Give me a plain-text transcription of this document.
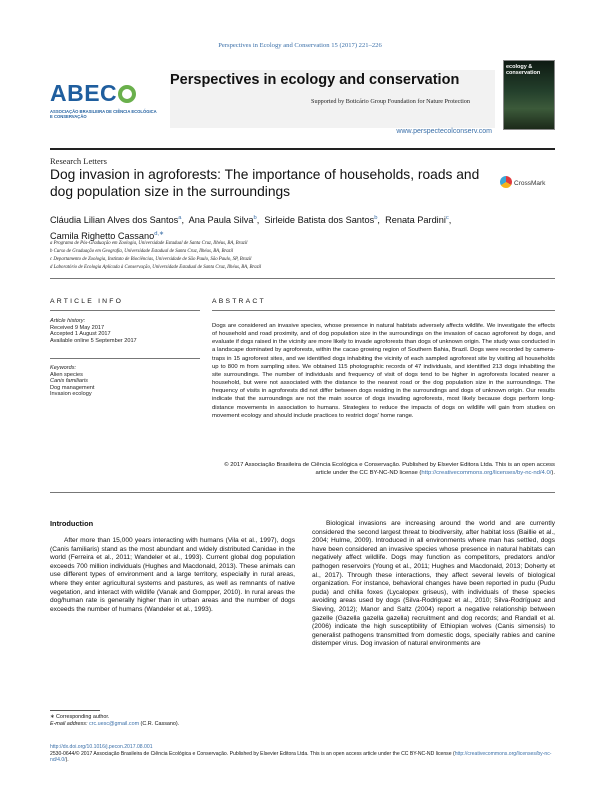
Perspectives in Ecology and Conservation 15 (2017) 221–226
ABEC
ASSOCIAÇÃO BRASILEIRA DE CIÊNCIA ECOLÓGICA E CONSERVAÇÃO
Perspectives in ecology and conservation
Supported by Boticário Group Foundation for Nature Protection
www.perspectecolconserv.com
ecology & conservation
Research Letters
Dog invasion in agroforests: The importance of households, roads and dog population size in the surroundings
CrossMark
Cláudia Lilian Alves dos Santos$^a$,  Ana Paula Silva$^b$,  Sirleide Batista dos Santos$^b$,  Renata Pardini$^c$,
Camila Righetto Cassano$^{d,∗}$
a Programa de Pós-Graduação em Zoologia, Universidade Estadual de Santa Cruz, Ilhéus, BA, Brazil
b Curso de Graduação em Geografia, Universidade Estadual de Santa Cruz, Ilhéus, BA, Brazil
c Departamento de Zoologia, Instituto de Biociências, Universidade de São Paulo, São Paulo, SP, Brazil
d Laboratório de Ecologia Aplicada à Conservação, Universidade Estadual de Santa Cruz, Ilhéus, BA, Brazil
ARTICLE INFO	ABSTRACT
Article history:
Received 9 May 2017
Accepted 1 August 2017
Available online 5 September 2017
Keywords:
Alien species
Canis familiaris
Dog management
Invasion ecology
Dogs are considered an invasive species, whose presence in natural habitats adversely affects wildlife. We investigate the effects of household and road proximity, and of dog population size in the surroundings on the invasion of cacao agroforest by dogs, and evaluate if dogs raised in the vicinity are more likely to invade agroforests than dogs of unknown origin. The study was conducted in a landscape dominated by agroforests, within the cacao growing region of Southern Bahia, Brazil. Dogs were recorded by camera-traps in 15 agroforest sites, and we identified dogs inhabiting the vicinity of each sampled agroforest site by visiting all households up to 800 m from sampling sites. We obtained 115 photographic records of 47 individuals, and identified 213 dogs inhabiting the site surroundings. The number of individuals and frequency of visit of dogs tend to be higher in agroforests located nearer a household, but were not associated with the distance to the nearest road or the dog population size in the surroundings. The frequency of visits in agroforests did not differ between dogs residing in the surroundings and dogs of unknown origin. Our results indicate that the surroundings are not the main source of dogs invading agroforests, most likely because dogs perform long-distance movements in association to humans. Strategies to reduce the impacts of dogs on wildlife will gain from studies on movement ecology and should include practices to restrict dogs' home range.
© 2017 Associação Brasileira de Ciência Ecológica e Conservação. Published by Elsevier Editora Ltda. This is an open access article under the CC BY-NC-ND license (http://creativecommons.org/licenses/by-nc-nd/4.0/).
Introduction
After more than 15,000 years interacting with humans (Vila et al., 1997), dogs (Canis familiaris) stand as the most abundant and widely distributed Canidae in the world (Ferreira et al., 2011; Wandeler et al., 1993). Current global dog population exceeds 700 million individuals (Hughes and Macdonald, 2013). These animals can use different types of environment and a large territory, especially in rural areas, where they enter agricultural systems and pastures, as well as remnants of native vegetation, and interact with wildlife (Vanak and Gompper, 2010). In rural areas the dog/human rate is generally higher than in urban areas and the number of dogs exceeds the number of humans (Wandeler et al., 1993).
Biological invasions are increasing around the world and are currently considered the second largest threat to biodiversity, after habitat loss (Baillie et al., 2004; Hulme, 2009). Introduced in all environments where man has settled, dogs have been considered an invasive species whose presence in natural habitats can negatively affect wildlife. Dogs may function as competitors, predators and/or pathogen reservoirs (Young et al., 2011; Hughes and Macdonald, 2013; Doherty et al., 2017). Through these interactions, they affect several levels of biological organization. For instance, behavioral changes have been reported in pudu (Pudu puda) and chilla foxes (Lycalopex griseus), with individuals of these species avoiding areas used by dogs (Silva-Rodriguez et al., 2010; Silva-Rodríguez and Sieving, 2012); Manor and Saltz (2004) report a negative relationship between gazelle (Gazella gazella gazella) recruitment and dog records; and Randall et al. (2006) indicate the high susceptibility of Ethiopian wolves (Canis simensis) to generalist pathogens transmitted from domestic dogs, specially rabies and canine distemper virus. Dog invasion of natural environments are
∗ Corresponding author.
E-mail address: crc.uesc@gmail.com (C.R. Cassano).
http://dx.doi.org/10.1016/j.pecon.2017.08.001
2530-0644/© 2017 Associação Brasileira de Ciência Ecológica e Conservação. Published by Elsevier Editora Ltda. This is an open access article under the CC BY-NC-ND license (http://creativecommons.org/licenses/by-nc-nd/4.0/).
